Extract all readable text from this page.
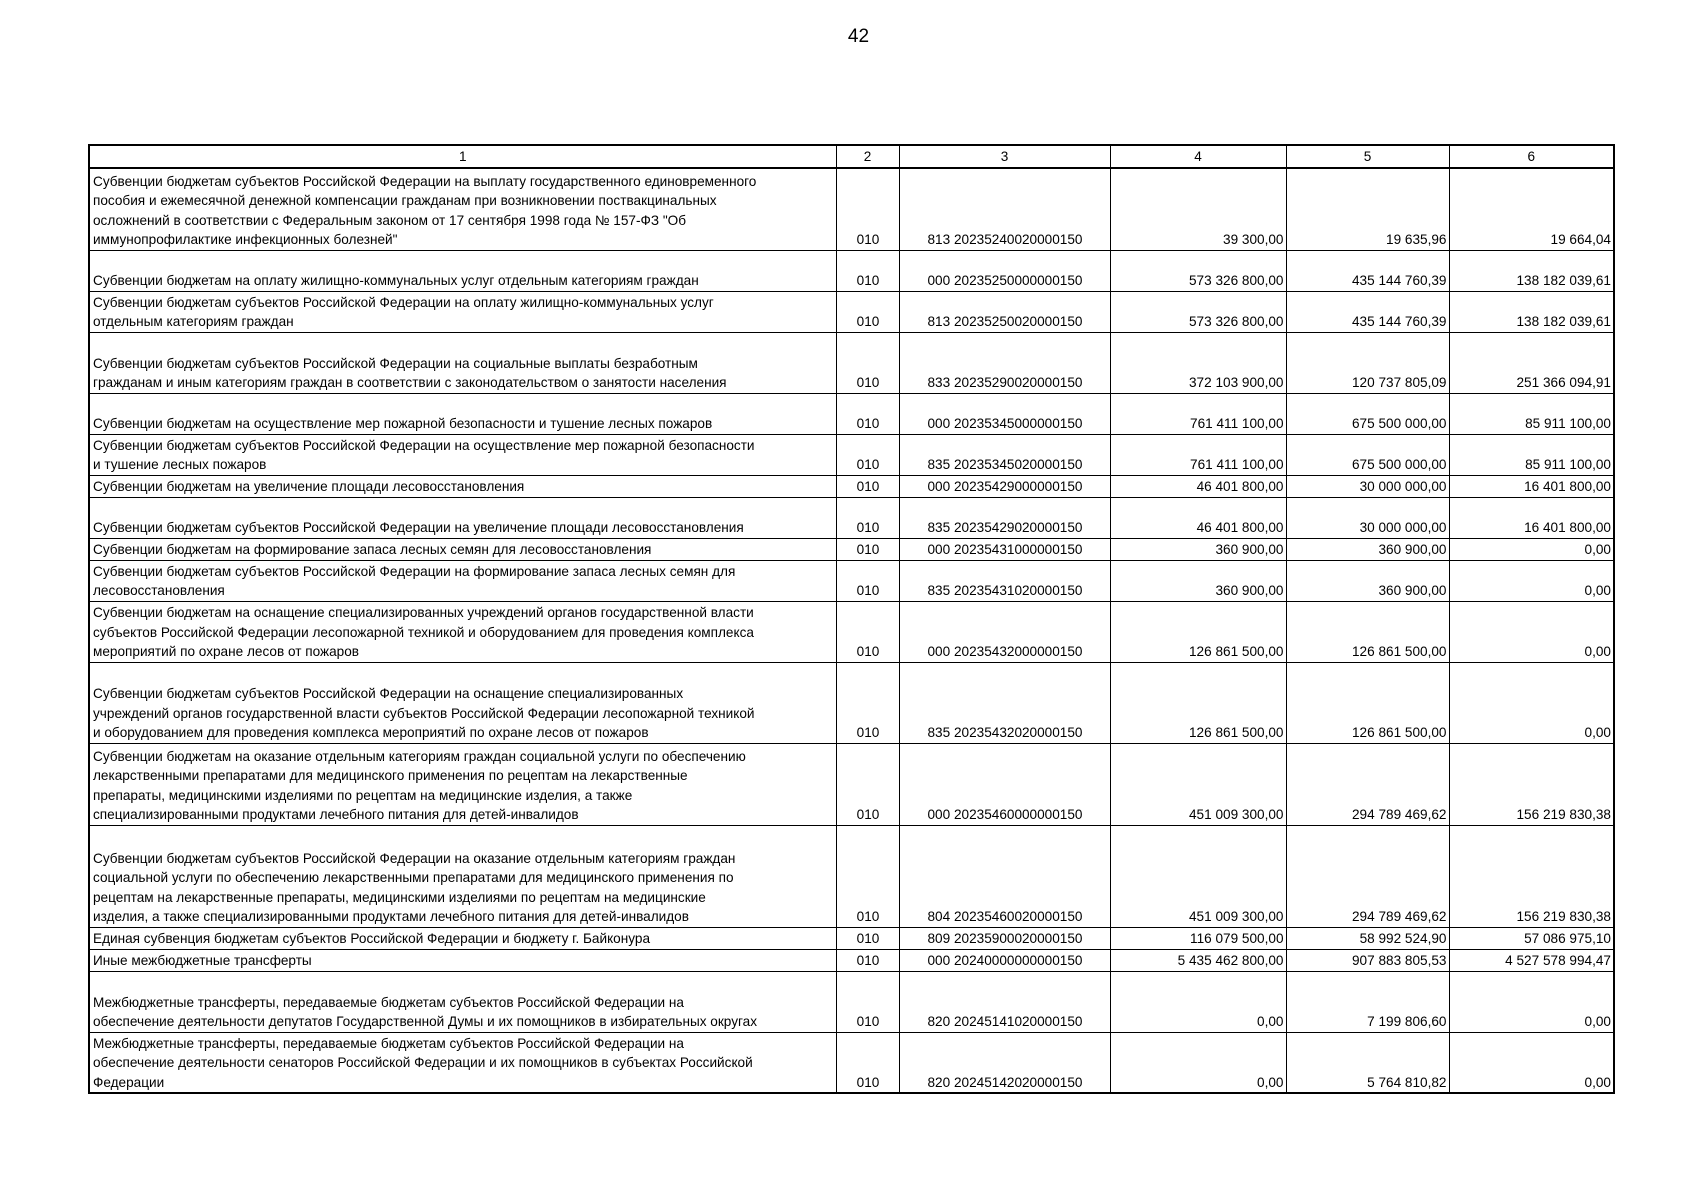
42
1	2	3	4	5	6
Субвенции бюджетам субъектов Российской Федерации на выплату государственного единовременного
пособия и ежемесячной денежной компенсации гражданам при возникновении поствакцинальных
осложнений в соответствии с Федеральным законом от 17 сентября 1998 года № 157-ФЗ "Об
иммунопрофилактике инфекционных болезней"	010	813 20235240020000150	39 300,00	19 635,96	19 664,04
Субвенции бюджетам на оплату жилищно-коммунальных услуг отдельным категориям граждан	010	000 20235250000000150	573 326 800,00	435 144 760,39	138 182 039,61
Субвенции бюджетам субъектов Российской Федерации на оплату жилищно-коммунальных услуг
отдельным категориям граждан	010	813 20235250020000150	573 326 800,00	435 144 760,39	138 182 039,61
Субвенции бюджетам субъектов Российской Федерации на социальные выплаты безработным
гражданам и иным категориям граждан в соответствии с законодательством о занятости населения	010	833 20235290020000150	372 103 900,00	120 737 805,09	251 366 094,91
Субвенции бюджетам на осуществление мер пожарной безопасности и тушение лесных пожаров	010	000 20235345000000150	761 411 100,00	675 500 000,00	85 911 100,00
Субвенции бюджетам субъектов Российской Федерации на осуществление мер пожарной безопасности
и тушение лесных пожаров	010	835 20235345020000150	761 411 100,00	675 500 000,00	85 911 100,00
Субвенции бюджетам на увеличение площади лесовосстановления	010	000 20235429000000150	46 401 800,00	30 000 000,00	16 401 800,00
Субвенции бюджетам субъектов Российской Федерации на увеличение площади лесовосстановления	010	835 20235429020000150	46 401 800,00	30 000 000,00	16 401 800,00
Субвенции бюджетам на формирование запаса лесных семян для лесовосстановления	010	000 20235431000000150	360 900,00	360 900,00	0,00
Субвенции бюджетам субъектов Российской Федерации на формирование запаса лесных семян для
лесовосстановления	010	835 20235431020000150	360 900,00	360 900,00	0,00
Субвенции бюджетам на оснащение специализированных учреждений органов государственной власти
субъектов Российской Федерации лесопожарной техникой и оборудованием для проведения комплекса
мероприятий по охране лесов от пожаров	010	000 20235432000000150	126 861 500,00	126 861 500,00	0,00
Субвенции бюджетам субъектов Российской Федерации на оснащение специализированных
учреждений органов государственной власти субъектов Российской Федерации лесопожарной техникой
и оборудованием для проведения комплекса мероприятий по охране лесов от пожаров	010	835 20235432020000150	126 861 500,00	126 861 500,00	0,00
Субвенции бюджетам на оказание отдельным категориям граждан социальной услуги по обеспечению
лекарственными препаратами для медицинского применения по рецептам на лекарственные
препараты, медицинскими изделиями по рецептам на медицинские изделия, а также
специализированными продуктами лечебного питания для детей-инвалидов	010	000 20235460000000150	451 009 300,00	294 789 469,62	156 219 830,38
Субвенции бюджетам субъектов Российской Федерации на оказание отдельным категориям граждан
социальной услуги по обеспечению лекарственными препаратами для медицинского применения по
рецептам на лекарственные препараты, медицинскими изделиями по рецептам на медицинские
изделия, а также специализированными продуктами лечебного питания для детей-инвалидов	010	804 20235460020000150	451 009 300,00	294 789 469,62	156 219 830,38
Единая субвенция бюджетам субъектов Российской Федерации и бюджету г. Байконура	010	809 20235900020000150	116 079 500,00	58 992 524,90	57 086 975,10
Иные межбюджетные трансферты	010	000 20240000000000150	5 435 462 800,00	907 883 805,53	4 527 578 994,47
Межбюджетные трансферты, передаваемые бюджетам субъектов Российской Федерации на
обеспечение деятельности депутатов Государственной Думы и их помощников в избирательных округах	010	820 20245141020000150	0,00	7 199 806,60	0,00
Межбюджетные трансферты, передаваемые бюджетам субъектов Российской Федерации на
обеспечение деятельности сенаторов Российской Федерации и их помощников в субъектах Российской
Федерации	010	820 20245142020000150	0,00	5 764 810,82	0,00
